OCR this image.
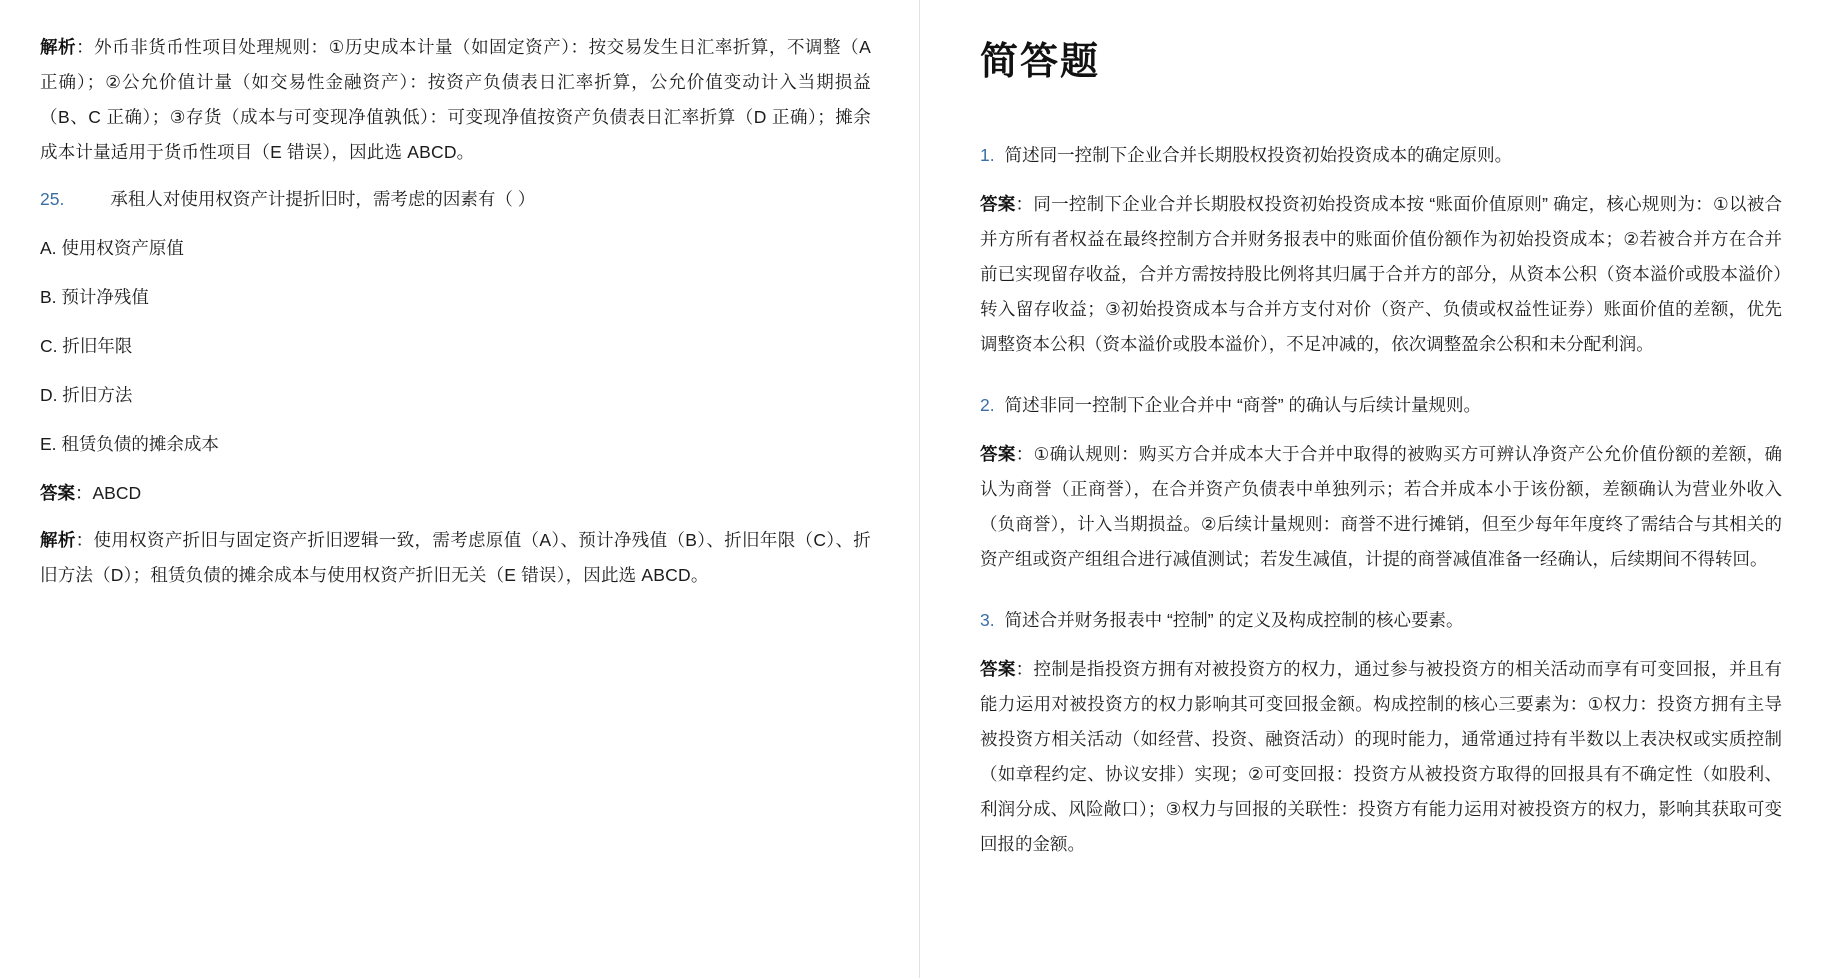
解析：外币非货币性项目处理规则：①历史成本计量（如固定资产）：按交易发生日汇率折算，不调整（A 正确）；②公允价值计量（如交易性金融资产）：按资产负债表日汇率折算，公允价值变动计入当期损益（B、C 正确）；③存货（成本与可变现净值孰低）：可变现净值按资产负债表日汇率折算（D 正确）；摊余成本计量适用于货币性项目（E 错误），因此选 ABCD。

25.	承租人对使用权资产计提折旧时，需考虑的因素有（ ）

A. 使用权资产原值

B. 预计净残值

C. 折旧年限

D. 折旧方法

E. 租赁负债的摊余成本

答案：ABCD

解析：使用权资产折旧与固定资产折旧逻辑一致，需考虑原值（A）、预计净残值（B）、折旧年限（C）、折旧方法（D）；租赁负债的摊余成本与使用权资产折旧无关（E 错误），因此选 ABCD。

简答题
1. 简述同一控制下企业合并长期股权投资初始投资成本的确定原则。

答案：同一控制下企业合并长期股权投资初始投资成本按 “账面价值原则” 确定，核心规则为：①以被合并方所有者权益在最终控制方合并财务报表中的账面价值份额作为初始投资成本；②若被合并方在合并前已实现留存收益，合并方需按持股比例将其归属于合并方的部分，从资本公积（资本溢价或股本溢价）转入留存收益；③初始投资成本与合并方支付对价（资产、负债或权益性证券）账面价值的差额，优先调整资本公积（资本溢价或股本溢价），不足冲减的，依次调整盈余公积和未分配利润。

2. 简述非同一控制下企业合并中 “商誉” 的确认与后续计量规则。

答案：①确认规则：购买方合并成本大于合并中取得的被购买方可辨认净资产公允价值份额的差额，确认为商誉（正商誉），在合并资产负债表中单独列示；若合并成本小于该份额，差额确认为营业外收入（负商誉），计入当期损益。②后续计量规则：商誉不进行摊销，但至少每年年度终了需结合与其相关的资产组或资产组组合进行减值测试；若发生减值，计提的商誉减值准备一经确认，后续期间不得转回。

3. 简述合并财务报表中 “控制” 的定义及构成控制的核心要素。

答案：控制是指投资方拥有对被投资方的权力，通过参与被投资方的相关活动而享有可变回报，并且有能力运用对被投资方的权力影响其可变回报金额。构成控制的核心三要素为：①权力：投资方拥有主导被投资方相关活动（如经营、投资、融资活动）的现时能力，通常通过持有半数以上表决权或实质控制（如章程约定、协议安排）实现；②可变回报：投资方从被投资方取得的回报具有不确定性（如股利、利润分成、风险敞口）；③权力与回报的关联性：投资方有能力运用对被投资方的权力，影响其获取可变回报的金额。
